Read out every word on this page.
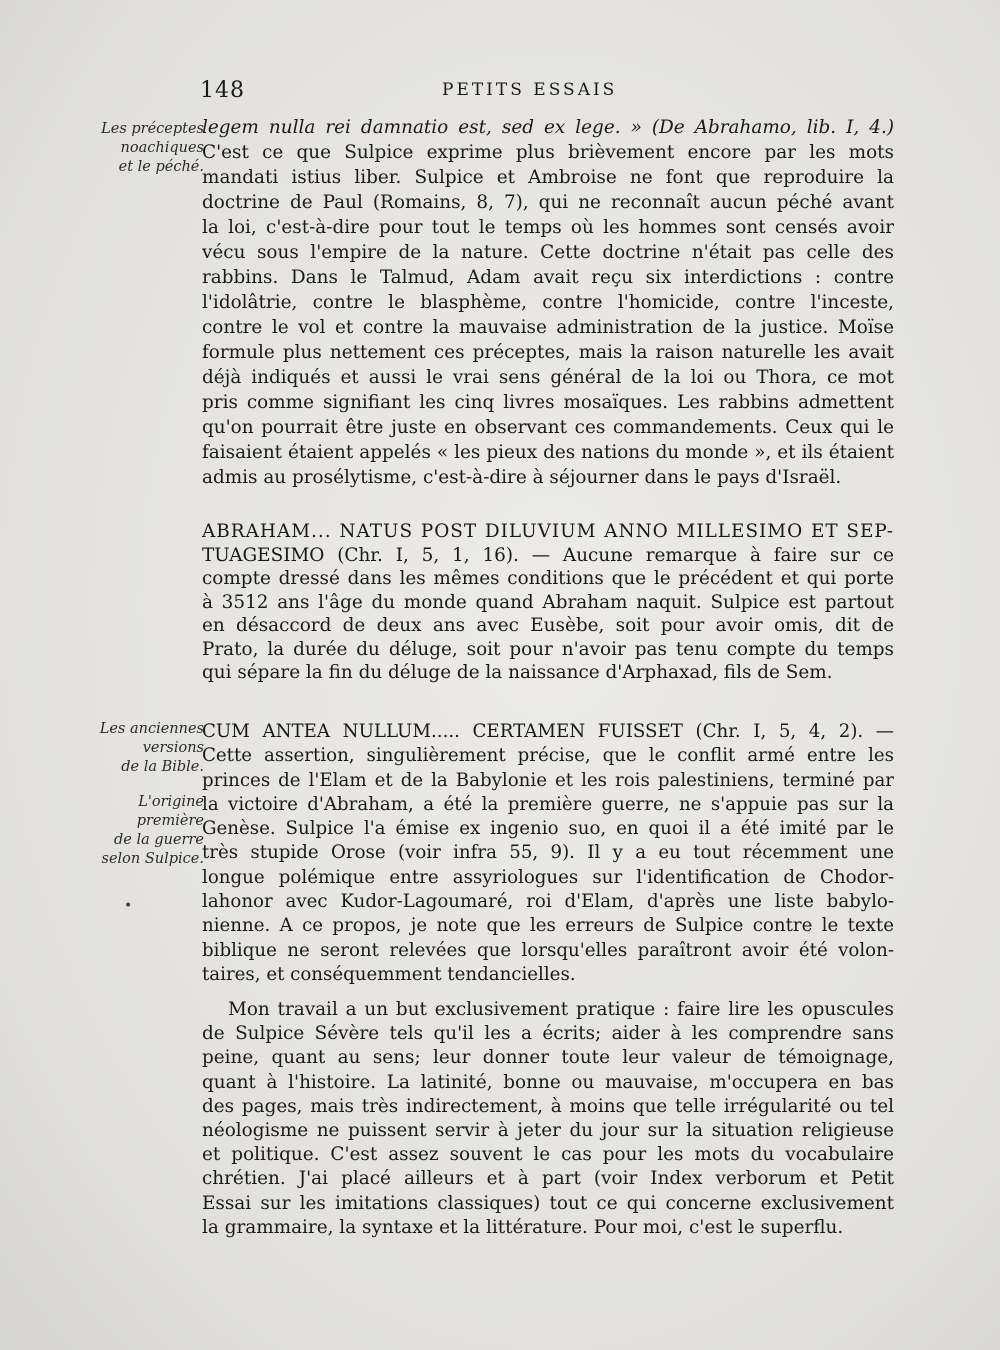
148	PETITS ESSAIS
Les préceptes
noachiques
et le péché.
Les anciennes
versions
de la Bible.
L'origine première
de la guerre
selon Sulpice.
•
legem nulla rei damnatio est, sed ex lege. » (De Abrahamo, lib. I, 4.)
C'est ce que Sulpice exprime plus brièvement encore par les mots
mandati istius liber. Sulpice et Ambroise ne font que reproduire la
doctrine de Paul (Romains, 8, 7), qui ne reconnaît aucun péché avant
la loi, c'est-à-dire pour tout le temps où les hommes sont censés avoir
vécu sous l'empire de la nature. Cette doctrine n'était pas celle des
rabbins. Dans le Talmud, Adam avait reçu six interdictions : contre
l'idolâtrie, contre le blasphème, contre l'homicide, contre l'inceste,
contre le vol et contre la mauvaise administration de la justice. Moïse
formule plus nettement ces préceptes, mais la raison naturelle les avait
déjà indiqués et aussi le vrai sens général de la loi ou Thora, ce mot
pris comme signifiant les cinq livres mosaïques. Les rabbins admettent
qu'on pourrait être juste en observant ces commandements. Ceux qui le
faisaient étaient appelés « les pieux des nations du monde », et ils étaient
admis au prosélytisme, c'est-à-dire à séjourner dans le pays d'Israël.
ABRAHAM... NATUS POST DILUVIUM ANNO MILLESIMO ET SEP-
TUAGESIMO (Chr. I, 5, 1, 16). — Aucune remarque à faire sur ce
compte dressé dans les mêmes conditions que le précédent et qui porte
à 3512 ans l'âge du monde quand Abraham naquit. Sulpice est partout
en désaccord de deux ans avec Eusèbe, soit pour avoir omis, dit de
Prato, la durée du déluge, soit pour n'avoir pas tenu compte du temps
qui sépare la fin du déluge de la naissance d'Arphaxad, fils de Sem.
CUM ANTEA NULLUM..... CERTAMEN FUISSET (Chr. I, 5, 4, 2). —
Cette assertion, singulièrement précise, que le conflit armé entre les
princes de l'Elam et de la Babylonie et les rois palestiniens, terminé par
la victoire d'Abraham, a été la première guerre, ne s'appuie pas sur la
Genèse. Sulpice l'a émise ex ingenio suo, en quoi il a été imité par le
très stupide Orose (voir infra 55, 9). Il y a eu tout récemment une
longue polémique entre assyriologues sur l'identification de Chodor-
lahonor avec Kudor-Lagoumaré, roi d'Elam, d'après une liste babylo-
nienne. A ce propos, je note que les erreurs de Sulpice contre le texte
biblique ne seront relevées que lorsqu'elles paraîtront avoir été volon-
taires, et conséquemment tendancielles.
Mon travail a un but exclusivement pratique : faire lire les opuscules
de Sulpice Sévère tels qu'il les a écrits; aider à les comprendre sans
peine, quant au sens; leur donner toute leur valeur de témoignage,
quant à l'histoire. La latinité, bonne ou mauvaise, m'occupera en bas
des pages, mais très indirectement, à moins que telle irrégularité ou tel
néologisme ne puissent servir à jeter du jour sur la situation religieuse
et politique. C'est assez souvent le cas pour les mots du vocabulaire
chrétien. J'ai placé ailleurs et à part (voir Index verborum et Petit
Essai sur les imitations classiques) tout ce qui concerne exclusivement
la grammaire, la syntaxe et la littérature. Pour moi, c'est le superflu.
